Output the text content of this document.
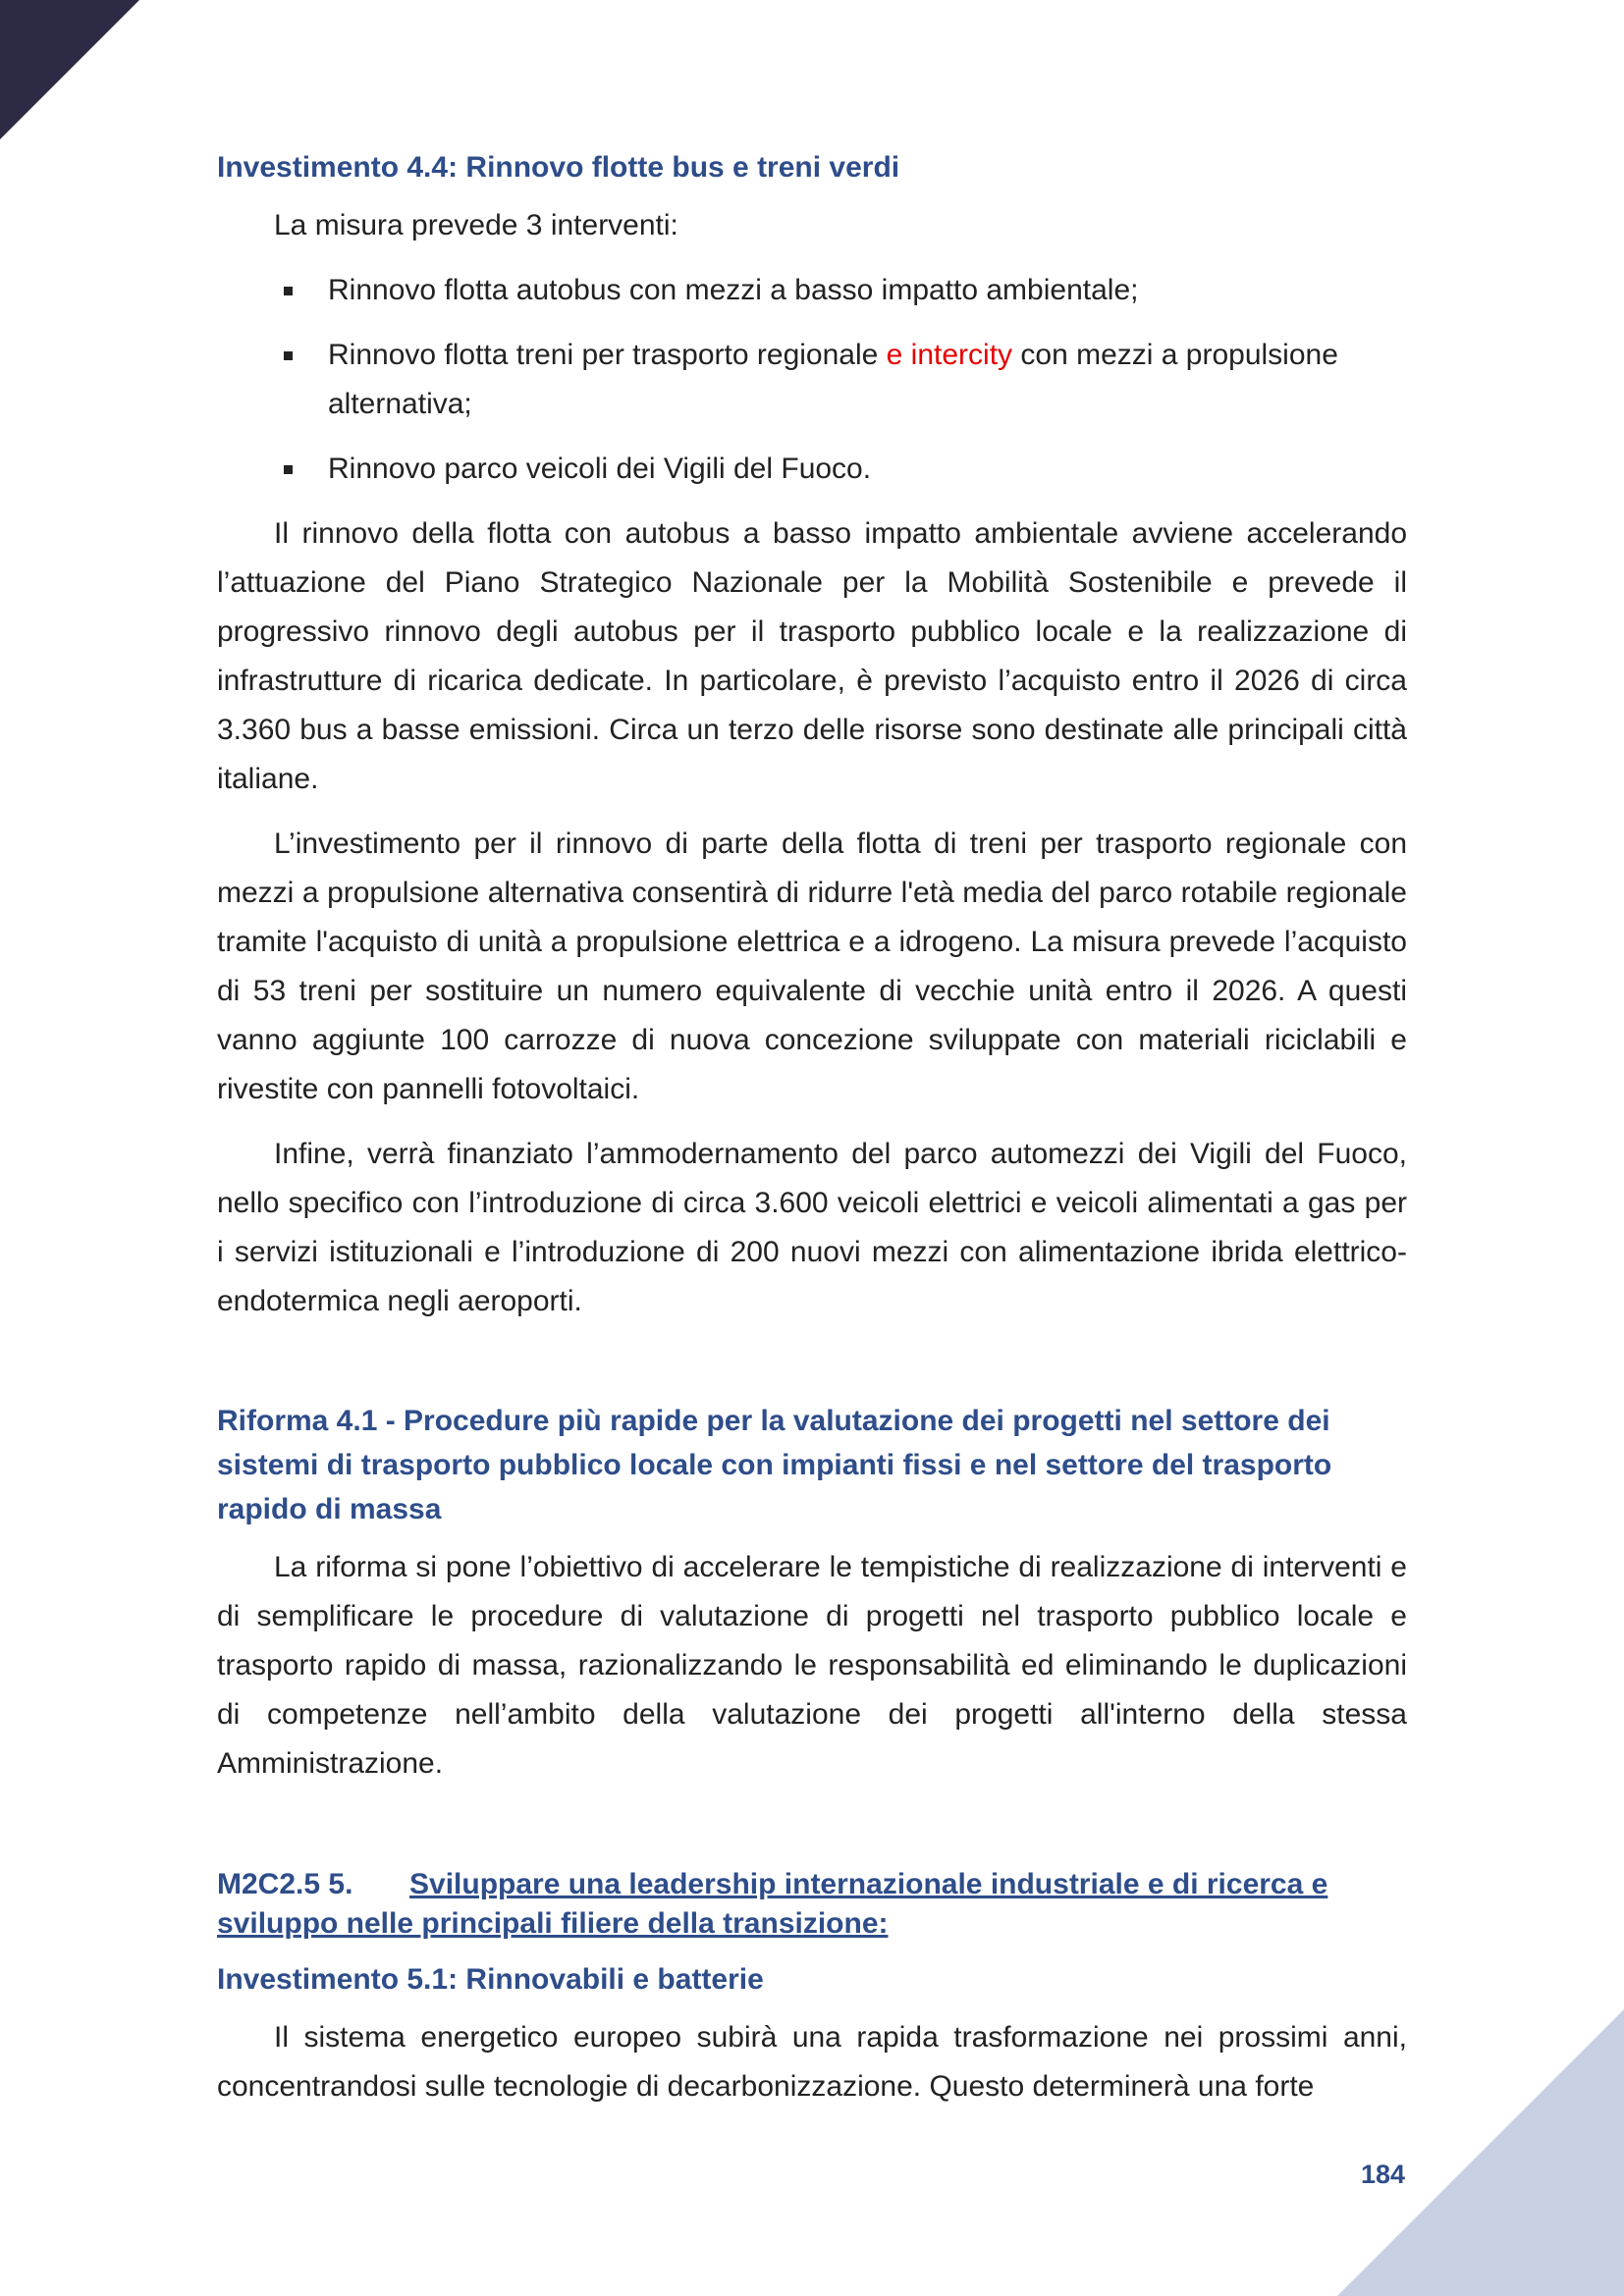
Investimento 4.4: Rinnovo flotte bus e treni verdi

La misura prevede 3 interventi:

Rinnovo flotta autobus con mezzi a basso impatto ambientale;
Rinnovo flotta treni per trasporto regionale e intercity con mezzi a propulsione alternativa;
Rinnovo parco veicoli dei Vigili del Fuoco.

Il rinnovo della flotta con autobus a basso impatto ambientale avviene accelerando l’attuazione del Piano Strategico Nazionale per la Mobilità Sostenibile e prevede il progressivo rinnovo degli autobus per il trasporto pubblico locale e la realizzazione di infrastrutture di ricarica dedicate. In particolare, è previsto l’acquisto entro il 2026 di circa 3.360 bus a basse emissioni. Circa un terzo delle risorse sono destinate alle principali città italiane.

L’investimento per il rinnovo di parte della flotta di treni per trasporto regionale con mezzi a propulsione alternativa consentirà di ridurre l'età media del parco rotabile regionale tramite l'acquisto di unità a propulsione elettrica e a idrogeno. La misura prevede l’acquisto di 53 treni per sostituire un numero equivalente di vecchie unità entro il 2026. A questi vanno aggiunte 100 carrozze di nuova concezione sviluppate con materiali riciclabili e rivestite con pannelli fotovoltaici.

Infine, verrà finanziato l’ammodernamento del parco automezzi dei Vigili del Fuoco, nello specifico con l’introduzione di circa 3.600 veicoli elettrici e veicoli alimentati a gas per i servizi istituzionali e l’introduzione di 200 nuovi mezzi con alimentazione ibrida elettrico-endotermica negli aeroporti.

Riforma 4.1 - Procedure più rapide per la valutazione dei progetti nel settore dei sistemi di trasporto pubblico locale con impianti fissi e nel settore del trasporto rapido di massa

La riforma si pone l’obiettivo di accelerare le tempistiche di realizzazione di interventi e di semplificare le procedure di valutazione di progetti nel trasporto pubblico locale e trasporto rapido di massa, razionalizzando le responsabilità ed eliminando le duplicazioni di competenze nell’ambito della valutazione dei progetti all'interno della stessa Amministrazione.

M2C2.5 5. Sviluppare una leadership internazionale industriale e di ricerca e sviluppo nelle principali filiere della transizione:
Investimento 5.1: Rinnovabili e batterie

Il sistema energetico europeo subirà una rapida trasformazione nei prossimi anni, concentrandosi sulle tecnologie di decarbonizzazione. Questo determinerà una forte

184
